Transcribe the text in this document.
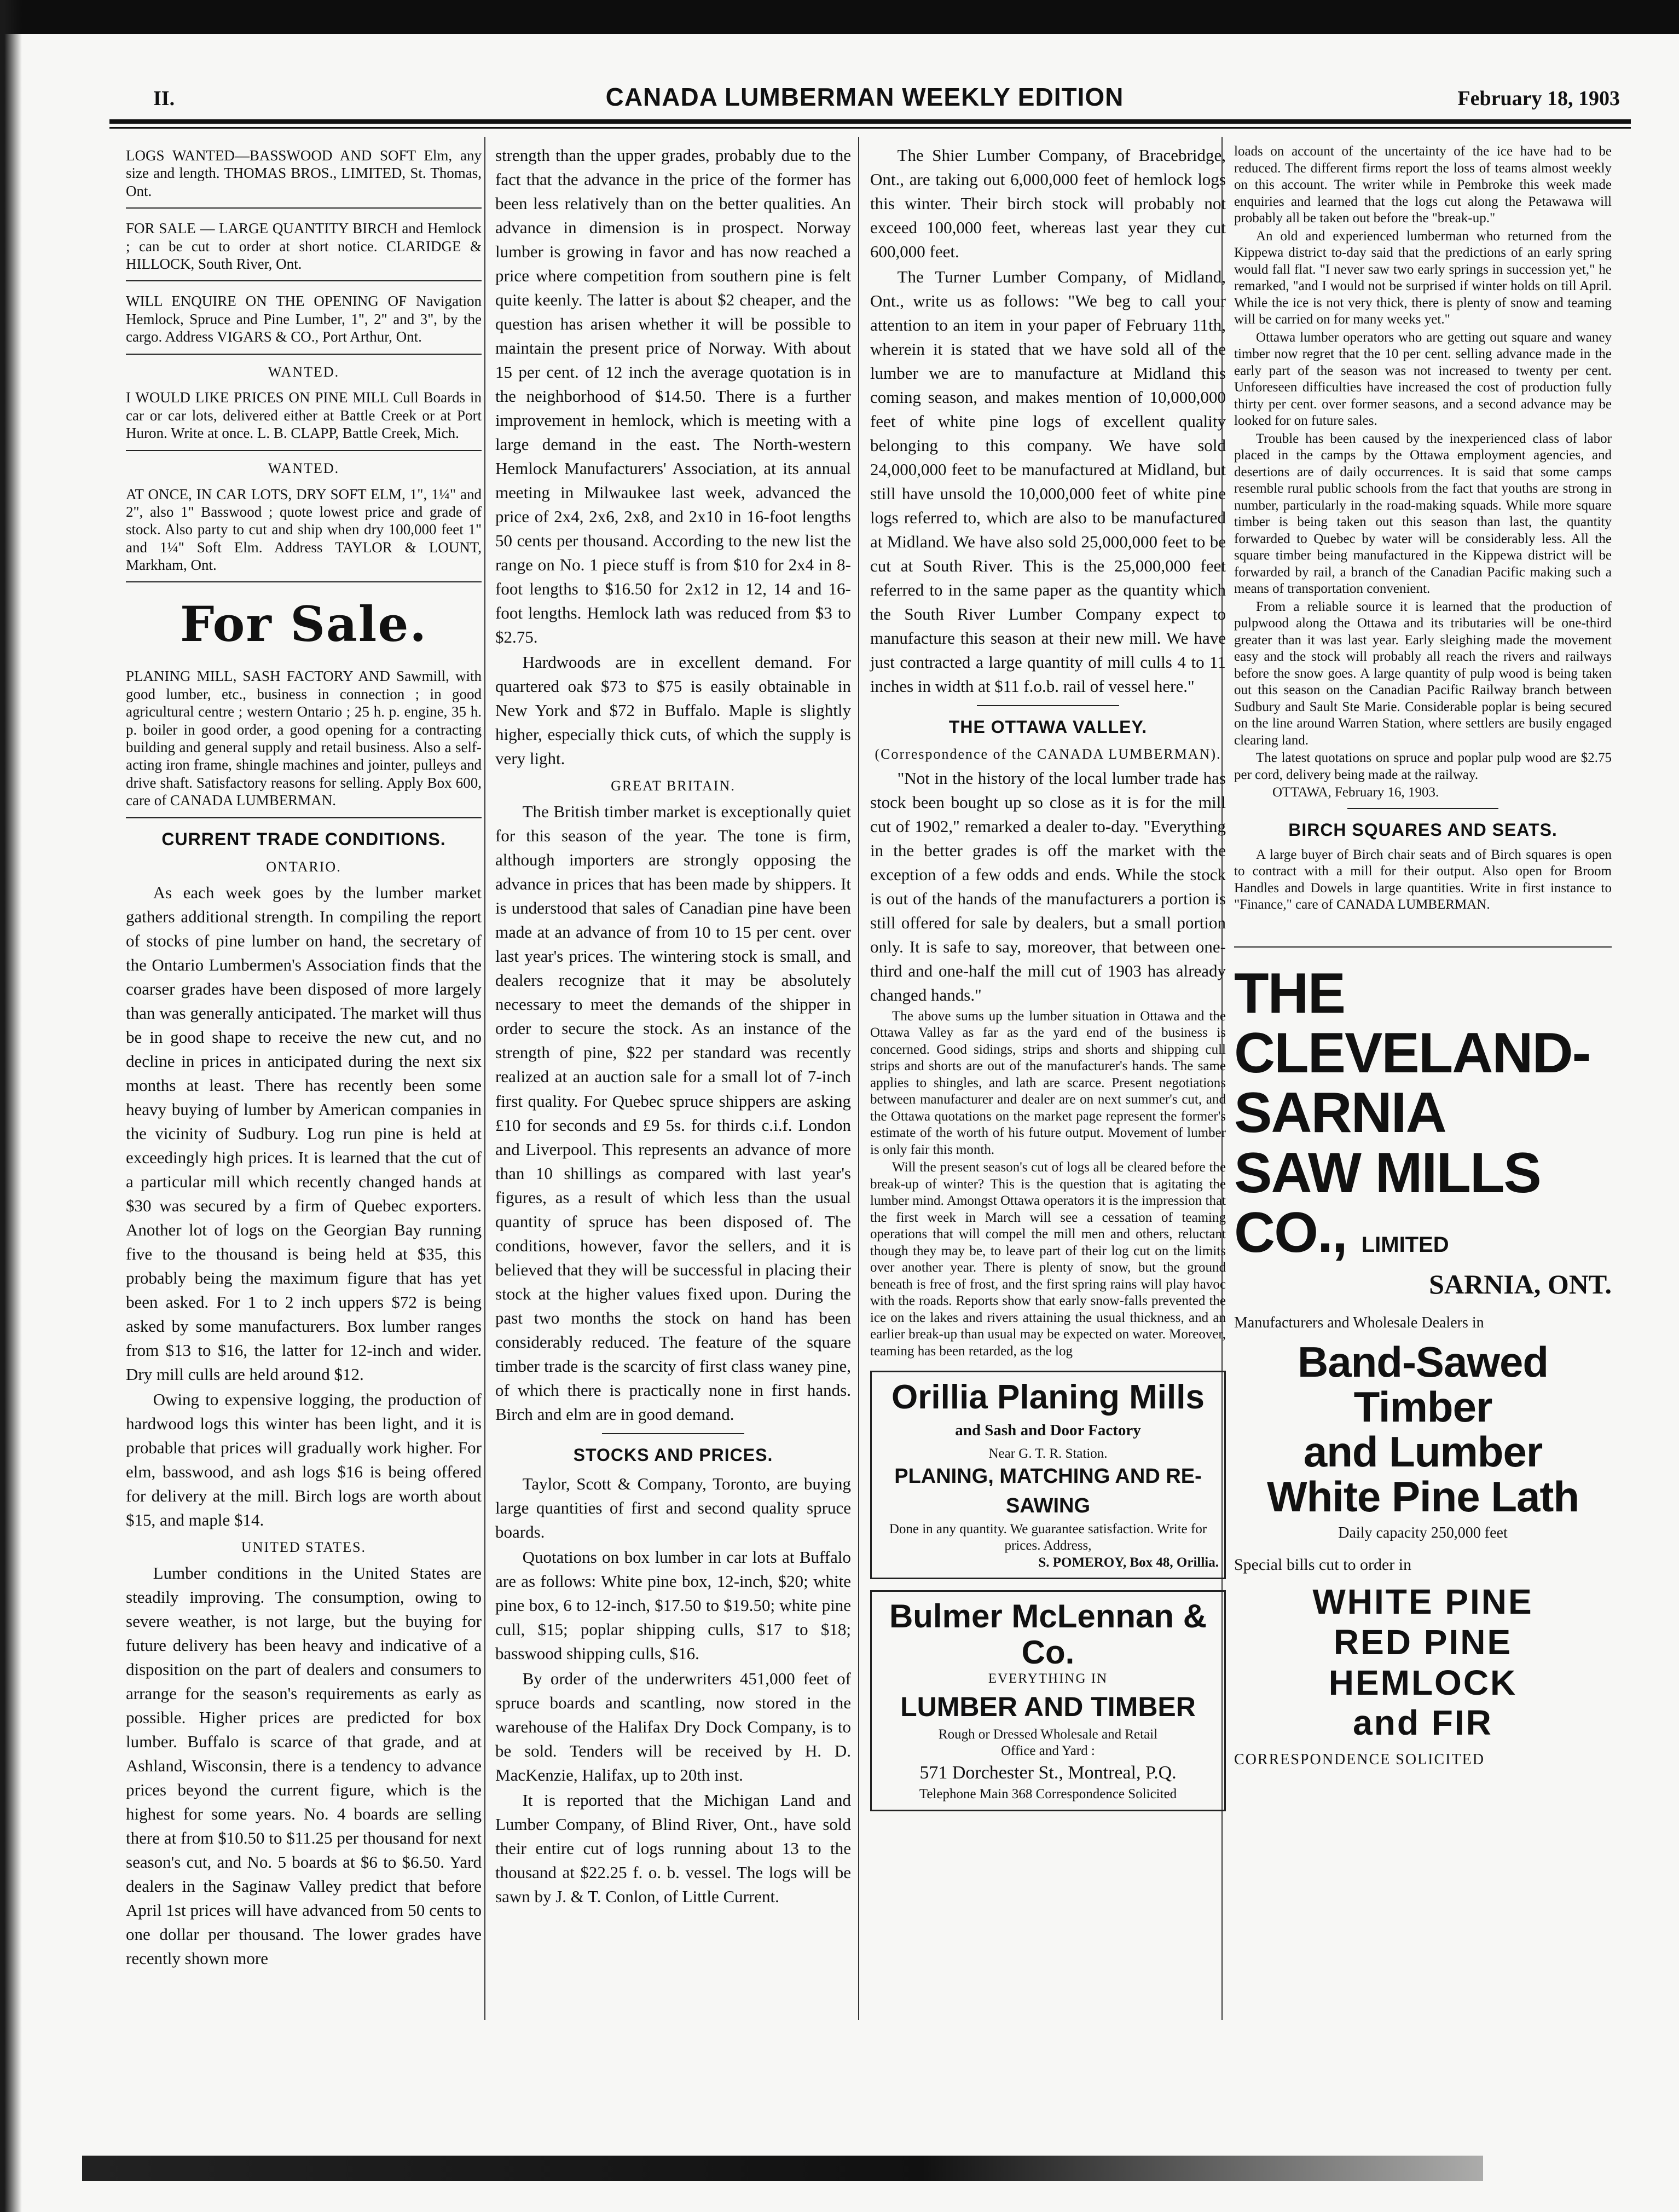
II.	CANADA LUMBERMAN WEEKLY EDITION	February 18, 1903
LOGS WANTED—BASSWOOD AND SOFT Elm, any size and length. THOMAS BROS., LIMITED, St. Thomas, Ont.
FOR SALE — LARGE QUANTITY BIRCH and Hemlock ; can be cut to order at short notice. CLARIDGE & HILLOCK, South River, Ont.
WILL ENQUIRE ON THE OPENING OF Navigation Hemlock, Spruce and Pine Lumber, 1", 2" and 3", by the cargo. Address VIGARS & CO., Port Arthur, Ont.
WANTED.
I WOULD LIKE PRICES ON PINE MILL Cull Boards in car or car lots, delivered either at Battle Creek or at Port Huron. Write at once. L. B. CLAPP, Battle Creek, Mich.
WANTED.
AT ONCE, IN CAR LOTS, DRY SOFT ELM, 1", 1¼" and 2", also 1" Basswood ; quote lowest price and grade of stock. Also party to cut and ship when dry 100,000 feet 1" and 1¼" Soft Elm. Address TAYLOR & LOUNT, Markham, Ont.
For Sale.
PLANING MILL, SASH FACTORY AND Sawmill, with good lumber, etc., business in connection ; in good agricultural centre ; western Ontario ; 25 h. p. engine, 35 h. p. boiler in good order, a good opening for a contracting building and general supply and retail business. Also a self-acting iron frame, shingle machines and jointer, pulleys and drive shaft. Satisfactory reasons for selling. Apply Box 600, care of CANADA LUMBERMAN.
CURRENT TRADE CONDITIONS.
ONTARIO.

As each week goes by the lumber market gathers additional strength. In compiling the report of stocks of pine lumber on hand, the secretary of the Ontario Lumbermen's Association finds that the coarser grades have been disposed of more largely than was generally anticipated. The market will thus be in good shape to receive the new cut, and no decline in prices in anticipated during the next six months at least. There has recently been some heavy buying of lumber by American companies in the vicinity of Sudbury. Log run pine is held at exceedingly high prices. It is learned that the cut of a particular mill which recently changed hands at $30 was secured by a firm of Quebec exporters. Another lot of logs on the Georgian Bay running five to the thousand is being held at $35, this probably being the maximum figure that has yet been asked. For 1 to 2 inch uppers $72 is being asked by some manufacturers. Box lumber ranges from $13 to $16, the latter for 12-inch and wider. Dry mill culls are held around $12.

Owing to expensive logging, the production of hardwood logs this winter has been light, and it is probable that prices will gradually work higher. For elm, basswood, and ash logs $16 is being offered for delivery at the mill. Birch logs are worth about $15, and maple $14.

UNITED STATES.

Lumber conditions in the United States are steadily improving. The consumption, owing to severe weather, is not large, but the buying for future delivery has been heavy and indicative of a disposition on the part of dealers and consumers to arrange for the season's requirements as early as possible. Higher prices are predicted for box lumber. Buffalo is scarce of that grade, and at Ashland, Wisconsin, there is a tendency to advance prices beyond the current figure, which is the highest for some years. No. 4 boards are selling there at from $10.50 to $11.25 per thousand for next season's cut, and No. 5 boards at $6 to $6.50. Yard dealers in the Saginaw Valley predict that before April 1st prices will have advanced from 50 cents to one dollar per thousand. The lower grades have recently shown more

strength than the upper grades, probably due to the fact that the advance in the price of the former has been less relatively than on the better qualities. An advance in dimension is in prospect. Norway lumber is growing in favor and has now reached a price where competition from southern pine is felt quite keenly. The latter is about $2 cheaper, and the question has arisen whether it will be possible to maintain the present price of Norway. With about 15 per cent. of 12 inch the average quotation is in the neighborhood of $14.50. There is a further improvement in hemlock, which is meeting with a large demand in the east. The North-western Hemlock Manufacturers' Association, at its annual meeting in Milwaukee last week, advanced the price of 2x4, 2x6, 2x8, and 2x10 in 16-foot lengths 50 cents per thousand. According to the new list the range on No. 1 piece stuff is from $10 for 2x4 in 8-foot lengths to $16.50 for 2x12 in 12, 14 and 16-foot lengths. Hemlock lath was reduced from $3 to $2.75.

Hardwoods are in excellent demand. For quartered oak $73 to $75 is easily obtainable in New York and $72 in Buffalo. Maple is slightly higher, especially thick cuts, of which the supply is very light.

GREAT BRITAIN.

The British timber market is exceptionally quiet for this season of the year. The tone is firm, although importers are strongly opposing the advance in prices that has been made by shippers. It is understood that sales of Canadian pine have been made at an advance of from 10 to 15 per cent. over last year's prices. The wintering stock is small, and dealers recognize that it may be absolutely necessary to meet the demands of the shipper in order to secure the stock. As an instance of the strength of pine, $22 per standard was recently realized at an auction sale for a small lot of 7-inch first quality. For Quebec spruce shippers are asking £10 for seconds and £9 5s. for thirds c.i.f. London and Liverpool. This represents an advance of more than 10 shillings as compared with last year's figures, as a result of which less than the usual quantity of spruce has been disposed of. The conditions, however, favor the sellers, and it is believed that they will be successful in placing their stock at the higher values fixed upon. During the past two months the stock on hand has been considerably reduced. The feature of the square timber trade is the scarcity of first class waney pine, of which there is practically none in first hands. Birch and elm are in good demand.

STOCKS AND PRICES.

Taylor, Scott & Company, Toronto, are buying large quantities of first and second quality spruce boards.

Quotations on box lumber in car lots at Buffalo are as follows: White pine box, 12-inch, $20; white pine box, 6 to 12-inch, $17.50 to $19.50; white pine cull, $15; poplar shipping culls, $17 to $18; basswood shipping culls, $16.

By order of the underwriters 451,000 feet of spruce boards and scantling, now stored in the warehouse of the Halifax Dry Dock Company, is to be sold. Tenders will be received by H. D. MacKenzie, Halifax, up to 20th inst.

It is reported that the Michigan Land and Lumber Company, of Blind River, Ont., have sold their entire cut of logs running about 13 to the thousand at $22.25 f. o. b. vessel. The logs will be sawn by J. & T. Conlon, of Little Current.

The Shier Lumber Company, of Bracebridge, Ont., are taking out 6,000,000 feet of hemlock logs this winter. Their birch stock will probably not exceed 100,000 feet, whereas last year they cut 600,000 feet.

The Turner Lumber Company, of Midland, Ont., write us as follows: "We beg to call your attention to an item in your paper of February 11th, wherein it is stated that we have sold all of the lumber we are to manufacture at Midland this coming season, and makes mention of 10,000,000 feet of white pine logs of excellent quality belonging to this company. We have sold 24,000,000 feet to be manufactured at Midland, but still have unsold the 10,000,000 feet of white pine logs referred to, which are also to be manufactured at Midland. We have also sold 25,000,000 feet to be cut at South River. This is the 25,000,000 feet referred to in the same paper as the quantity which the South River Lumber Company expect to manufacture this season at their new mill. We have just contracted a large quantity of mill culls 4 to 11 inches in width at $11 f.o.b. rail of vessel here."

THE OTTAWA VALLEY.
(Correspondence of the CANADA LUMBERMAN).

"Not in the history of the local lumber trade has stock been bought up so close as it is for the mill cut of 1902," remarked a dealer to-day. "Everything in the better grades is off the market with the exception of a few odds and ends. While the stock is out of the hands of the manufacturers a portion is still offered for sale by dealers, but a small portion only. It is safe to say, moreover, that between one-third and one-half the mill cut of 1903 has already changed hands."

The above sums up the lumber situation in Ottawa and the Ottawa Valley as far as the yard end of the business is concerned. Good sidings, strips and shorts and shipping cull strips and shorts are out of the manufacturer's hands. The same applies to shingles, and lath are scarce. Present negotiations between manufacturer and dealer are on next summer's cut, and the Ottawa quotations on the market page represent the former's estimate of the worth of his future output. Movement of lumber is only fair this month.

Will the present season's cut of logs all be cleared before the break-up of winter? This is the question that is agitating the lumber mind. Amongst Ottawa operators it is the impression that the first week in March will see a cessation of teaming operations that will compel the mill men and others, reluctant though they may be, to leave part of their log cut on the limits over another year. There is plenty of snow, but the ground beneath is free of frost, and the first spring rains will play havoc with the roads. Reports show that early snow-falls prevented the ice on the lakes and rivers attaining the usual thickness, and an earlier break-up than usual may be expected on water. Moreover, teaming has been retarded, as the log

Orillia Planing Mills
and Sash and Door Factory
Near G. T. R. Station.
PLANING, MATCHING AND RE-SAWING
Done in any quantity. We guarantee satisfaction. Write for prices. Address,
S. POMEROY, Box 48, Orillia.
Bulmer McLennan & Co.
EVERYTHING IN
LUMBER AND TIMBER
Rough or Dressed Wholesale and Retail
Office and Yard :
571 Dorchester St., Montreal, P.Q.
Telephone Main 368 Correspondence Solicited

loads on account of the uncertainty of the ice have had to be reduced. The different firms report the loss of teams almost weekly on this account. The writer while in Pembroke this week made enquiries and learned that the logs cut along the Petawawa will probably all be taken out before the "break-up."

An old and experienced lumberman who returned from the Kippewa district to-day said that the predictions of an early spring would fall flat. "I never saw two early springs in succession yet," he remarked, "and I would not be surprised if winter holds on till April. While the ice is not very thick, there is plenty of snow and teaming will be carried on for many weeks yet."

Ottawa lumber operators who are getting out square and waney timber now regret that the 10 per cent. selling advance made in the early part of the season was not increased to twenty per cent. Unforeseen difficulties have increased the cost of production fully thirty per cent. over former seasons, and a second advance may be looked for on future sales.

Trouble has been caused by the inexperienced class of labor placed in the camps by the Ottawa employment agencies, and desertions are of daily occurrences. It is said that some camps resemble rural public schools from the fact that youths are strong in number, particularly in the road-making squads. While more square timber is being taken out this season than last, the quantity forwarded to Quebec by water will be considerably less. All the square timber being manufactured in the Kippewa district will be forwarded by rail, a branch of the Canadian Pacific making such a means of transportation convenient.

From a reliable source it is learned that the production of pulpwood along the Ottawa and its tributaries will be one-third greater than it was last year. Early sleighing made the movement easy and the stock will probably all reach the rivers and railways before the snow goes. A large quantity of pulp wood is being taken out this season on the Canadian Pacific Railway branch between Sudbury and Sault Ste Marie. Considerable poplar is being secured on the line around Warren Station, where settlers are busily engaged clearing land.

The latest quotations on spruce and poplar pulp wood are $2.75 per cord, delivery being made at the railway.

OTTAWA, February 16, 1903.

BIRCH SQUARES AND SEATS.

A large buyer of Birch chair seats and of Birch squares is open to contract with a mill for their output. Also open for Broom Handles and Dowels in large quantities. Write in first instance to "Finance," care of CANADA LUMBERMAN.

THE CLEVELAND-SARNIA
SAW MILLS CO., LIMITED
SARNIA, ONT.
Manufacturers and Wholesale Dealers in
Band-Sawed Timber
and Lumber
White Pine Lath
Daily capacity 250,000 feet
Special bills cut to order in
WHITE PINE
RED PINE
HEMLOCK
and FIR
CORRESPONDENCE SOLICITED
